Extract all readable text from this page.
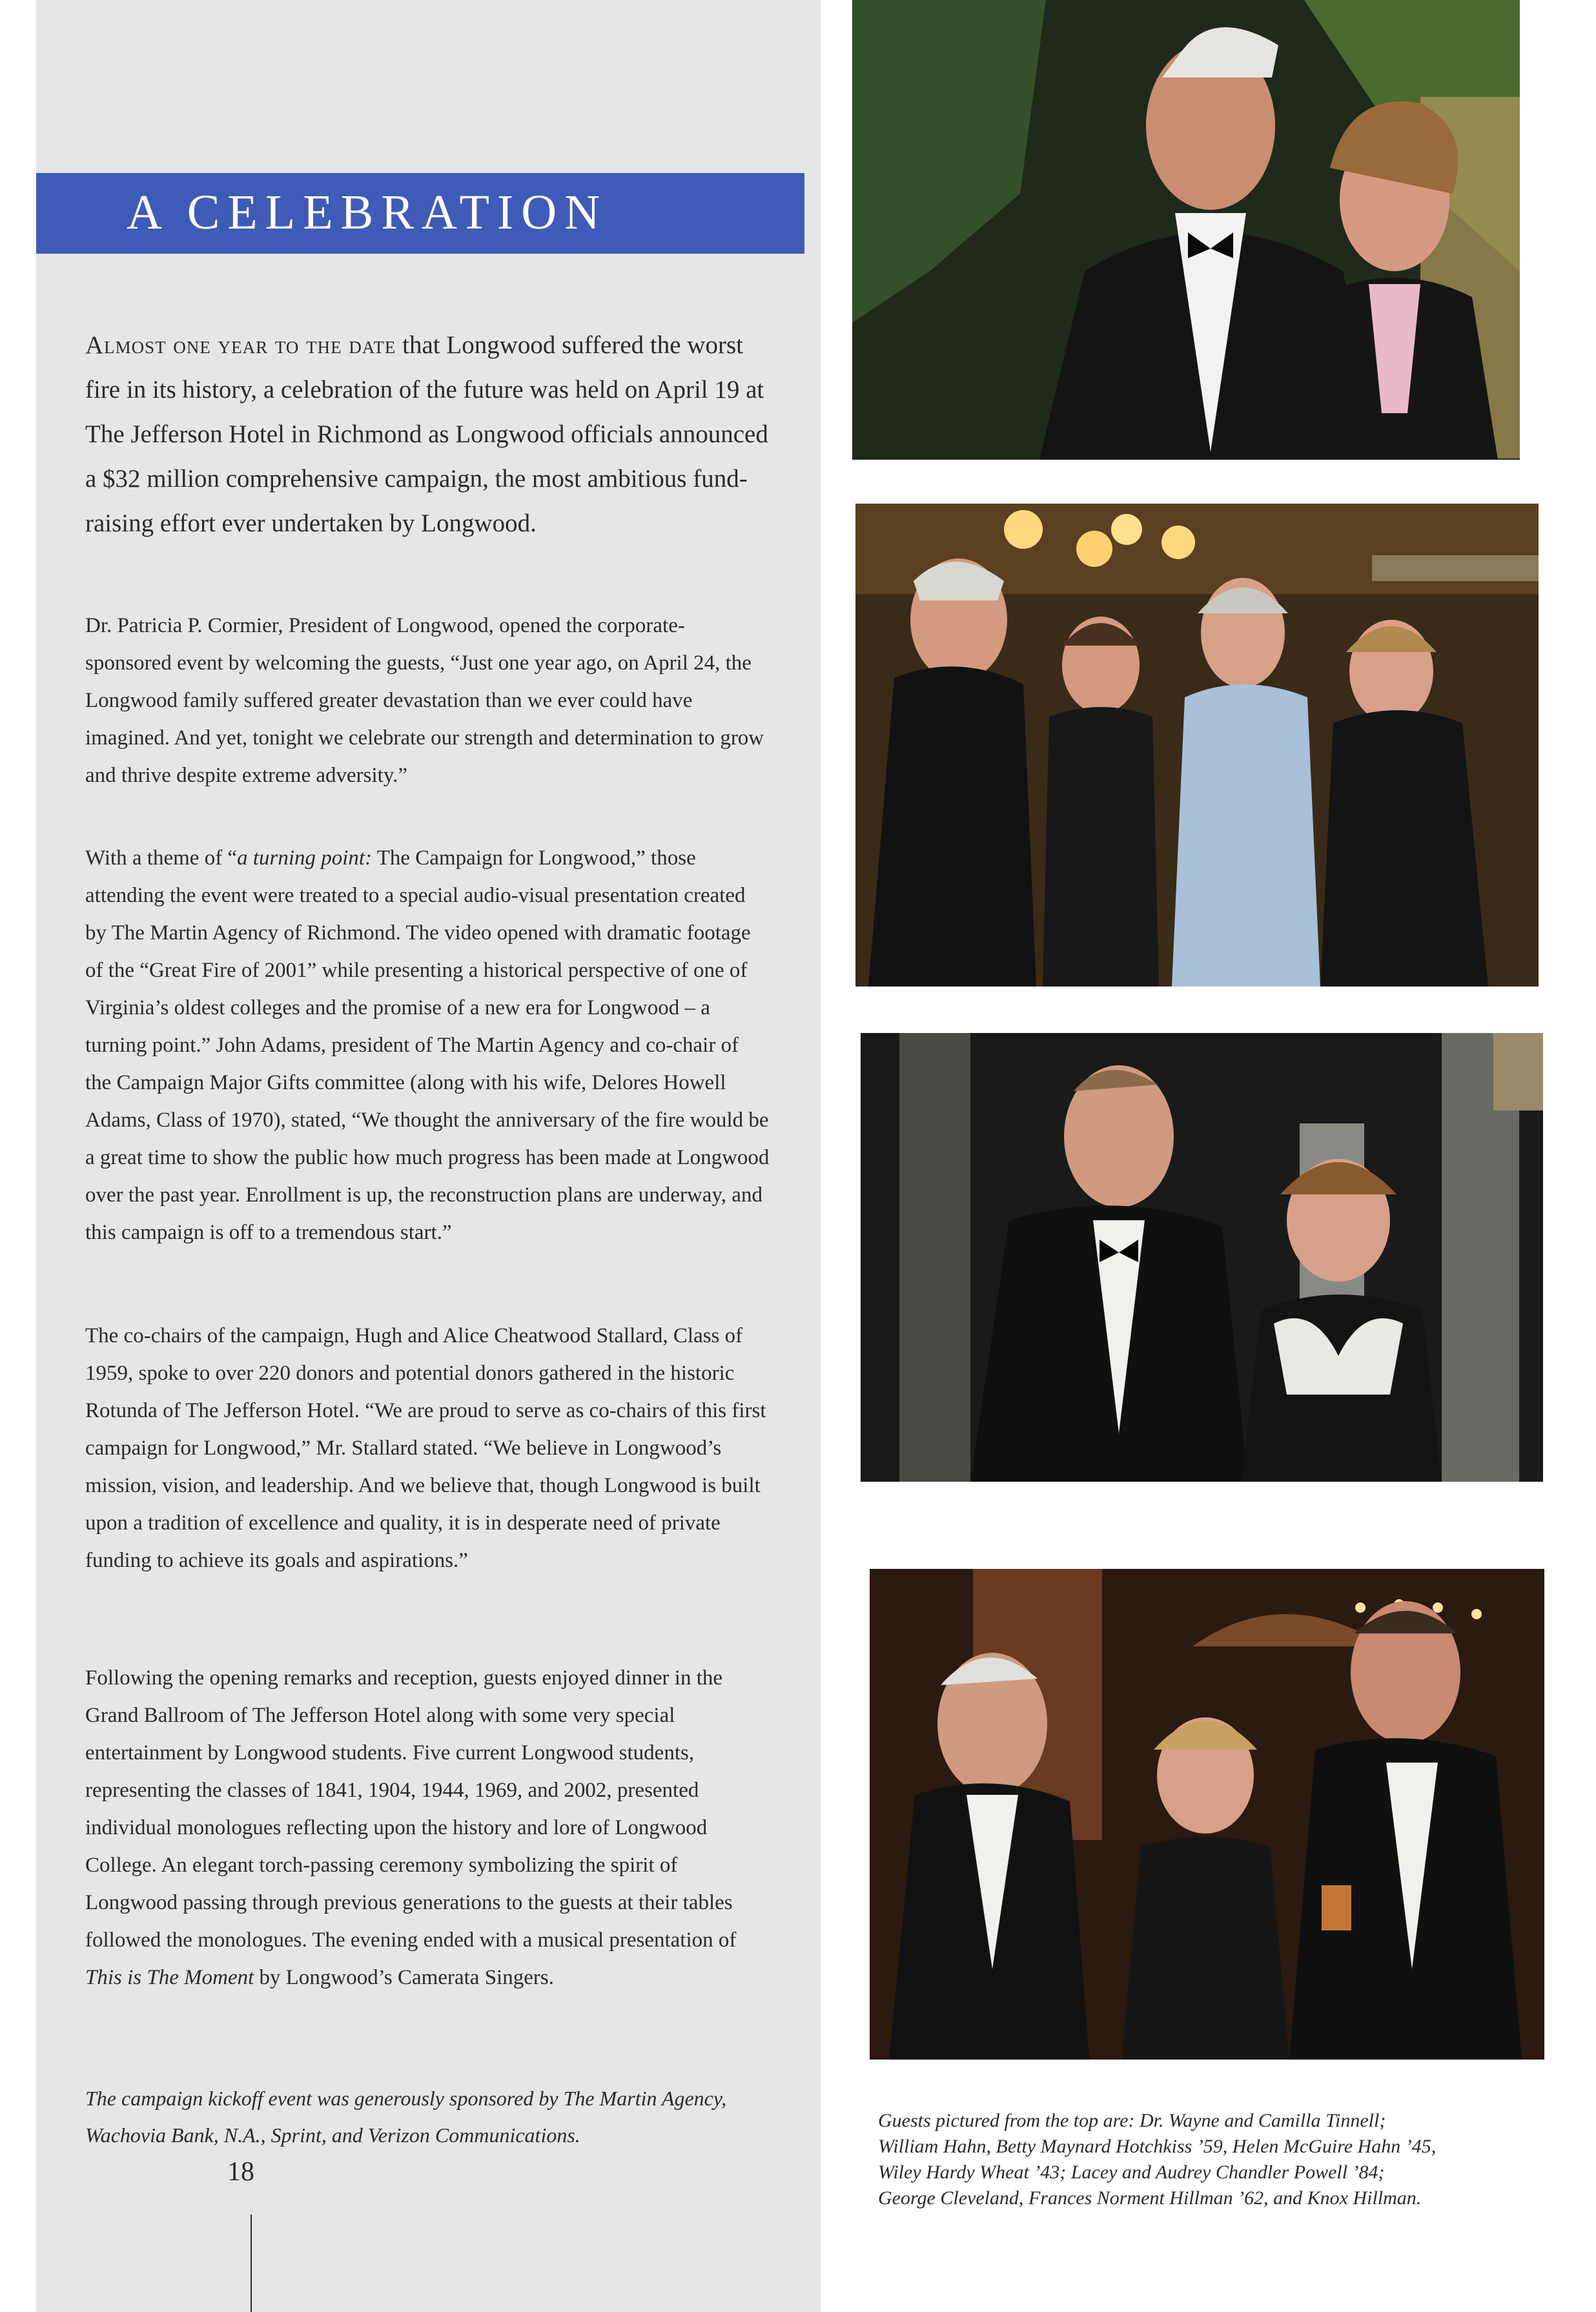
A CELEBRATION
Almost one year to the date that Longwood suffered the worst fire in its history, a celebration of the future was held on April 19 at The Jefferson Hotel in Richmond as Longwood officials announced a $32 million comprehensive campaign, the most ambitious fund-raising effort ever undertaken by Longwood.

Dr. Patricia P. Cormier, President of Longwood, opened the corporate-sponsored event by welcoming the guests, “Just one year ago, on April 24, the Longwood family suffered greater devastation than we ever could have imagined. And yet, tonight we celebrate our strength and determination to grow and thrive despite extreme adversity.”

With a theme of “a turning point: The Campaign for Longwood,” those attending the event were treated to a special audio-visual presentation created by The Martin Agency of Richmond. The video opened with dramatic footage of the “Great Fire of 2001” while presenting a historical perspective of one of Virginia’s oldest colleges and the promise of a new era for Longwood – a turning point.” John Adams, president of The Martin Agency and co-chair of the Campaign Major Gifts committee (along with his wife, Delores Howell Adams, Class of 1970), stated, “We thought the anniversary of the fire would be a great time to show the public how much progress has been made at Longwood over the past year. Enrollment is up, the reconstruction plans are underway, and this campaign is off to a tremendous start.”

The co-chairs of the campaign, Hugh and Alice Cheatwood Stallard, Class of 1959, spoke to over 220 donors and potential donors gathered in the historic Rotunda of The Jefferson Hotel. “We are proud to serve as co-chairs of this first campaign for Longwood,” Mr. Stallard stated. “We believe in Longwood’s mission, vision, and leadership. And we believe that, though Longwood is built upon a tradition of excellence and quality, it is in desperate need of private funding to achieve its goals and aspirations.”

Following the opening remarks and reception, guests enjoyed dinner in the Grand Ballroom of The Jefferson Hotel along with some very special entertainment by Longwood students. Five current Longwood students, representing the classes of 1841, 1904, 1944, 1969, and 2002, presented individual monologues reflecting upon the history and lore of Longwood College. An elegant torch-passing ceremony symbolizing the spirit of Longwood passing through previous generations to the guests at their tables followed the monologues. The evening ended with a musical presentation of This is The Moment by Longwood’s Camerata Singers.

The campaign kickoff event was generously sponsored by The Martin Agency, Wachovia Bank, N.A., Sprint, and Verizon Communications.

18

Guests pictured from the top are: Dr. Wayne and Camilla Tinnell;

William Hahn, Betty Maynard Hotchkiss ’59, Helen McGuire Hahn ’45,

Wiley Hardy Wheat ’43; Lacey and Audrey Chandler Powell ’84;

George Cleveland, Frances Norment Hillman ’62, and Knox Hillman.
